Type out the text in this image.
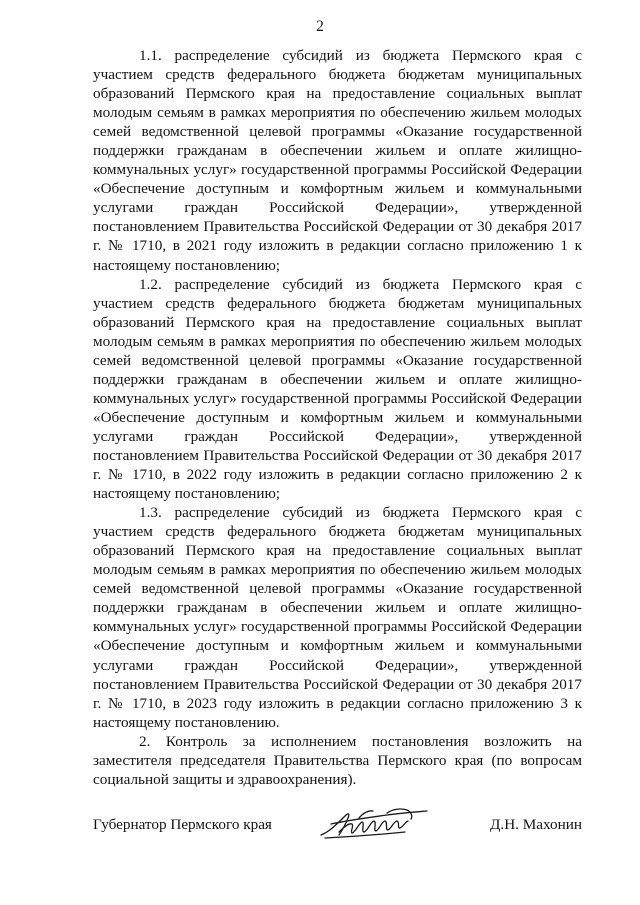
2

1.1. распределение субсидий из бюджета Пермского края с участием средств федерального бюджета бюджетам муниципальных образований Пермского края на предоставление социальных выплат молодым семьям в рамках мероприятия по обеспечению жильем молодых семей ведомственной целевой программы «Оказание государственной поддержки гражданам в обеспечении жильем и оплате жилищно-коммунальных услуг» государственной программы Российской Федерации «Обеспечение доступным и комфортным жильем и коммунальными услугами граждан Российской Федерации», утвержденной постановлением Правительства Российской Федерации от 30 декабря 2017 г. № 1710, в 2021 году изложить в редакции согласно приложению 1 к настоящему постановлению;

1.2. распределение субсидий из бюджета Пермского края с участием средств федерального бюджета бюджетам муниципальных образований Пермского края на предоставление социальных выплат молодым семьям в рамках мероприятия по обеспечению жильем молодых семей ведомственной целевой программы «Оказание государственной поддержки гражданам в обеспечении жильем и оплате жилищно-коммунальных услуг» государственной программы Российской Федерации «Обеспечение доступным и комфортным жильем и коммунальными услугами граждан Российской Федерации», утвержденной постановлением Правительства Российской Федерации от 30 декабря 2017 г. № 1710, в 2022 году изложить в редакции согласно приложению 2 к настоящему постановлению;

1.3. распределение субсидий из бюджета Пермского края с участием средств федерального бюджета бюджетам муниципальных образований Пермского края на предоставление социальных выплат молодым семьям в рамках мероприятия по обеспечению жильем молодых семей ведомственной целевой программы «Оказание государственной поддержки гражданам в обеспечении жильем и оплате жилищно-коммунальных услуг» государственной программы Российской Федерации «Обеспечение доступным и комфортным жильем и коммунальными услугами граждан Российской Федерации», утвержденной постановлением Правительства Российской Федерации от 30 декабря 2017 г. № 1710, в 2023 году изложить в редакции согласно приложению 3 к настоящему постановлению.

2. Контроль за исполнением постановления возложить на заместителя председателя Правительства Пермского края (по вопросам социальной защиты и здравоохранения).

Губернатор Пермского края	Д.Н. Махонин
